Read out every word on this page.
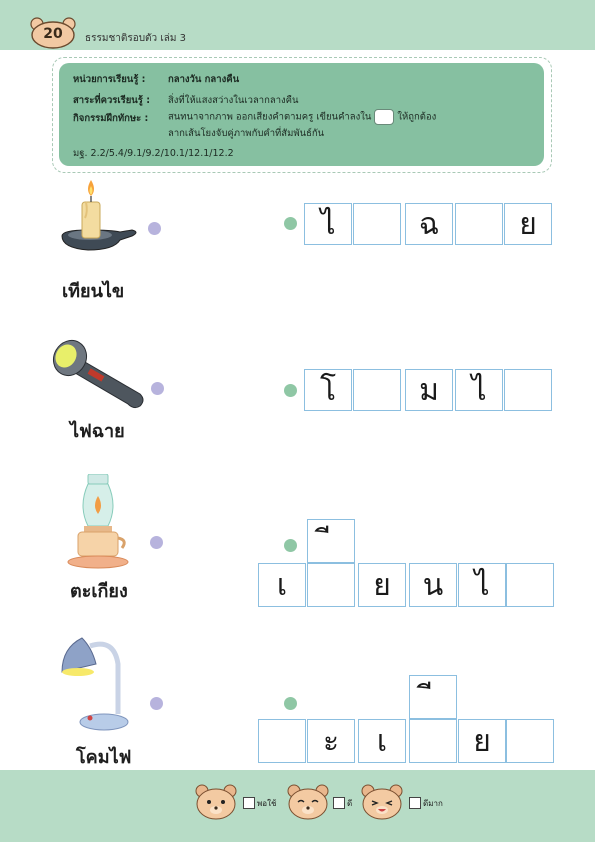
20	ธรรมชาติรอบตัว เล่ม 3
หน่วยการเรียนรู้ : กลางวัน กลางคืน
สาระที่ควรเรียนรู้ : สิ่งที่ให้แสงสว่างในเวลากลางคืน
กิจกรรมฝึกทักษะ : สนทนาจากภาพ ออกเสียงคำตามครู เขียนคำลงใน	ให้ถูกต้อง
ลากเส้นโยงจับคู่ภาพกับคำที่สัมพันธ์กัน
มฐ. 2.2/5.4/9.1/9.2/10.1/12.1/12.2
เทียนไข
ไฟฉาย
ตะเกียง
โคมไฟ
ไ	ฉ	ย
โ	ม	ไ
เ	ย	น	ไ
ะ	เ	ย
พอใช้	ดี	ดีมาก
